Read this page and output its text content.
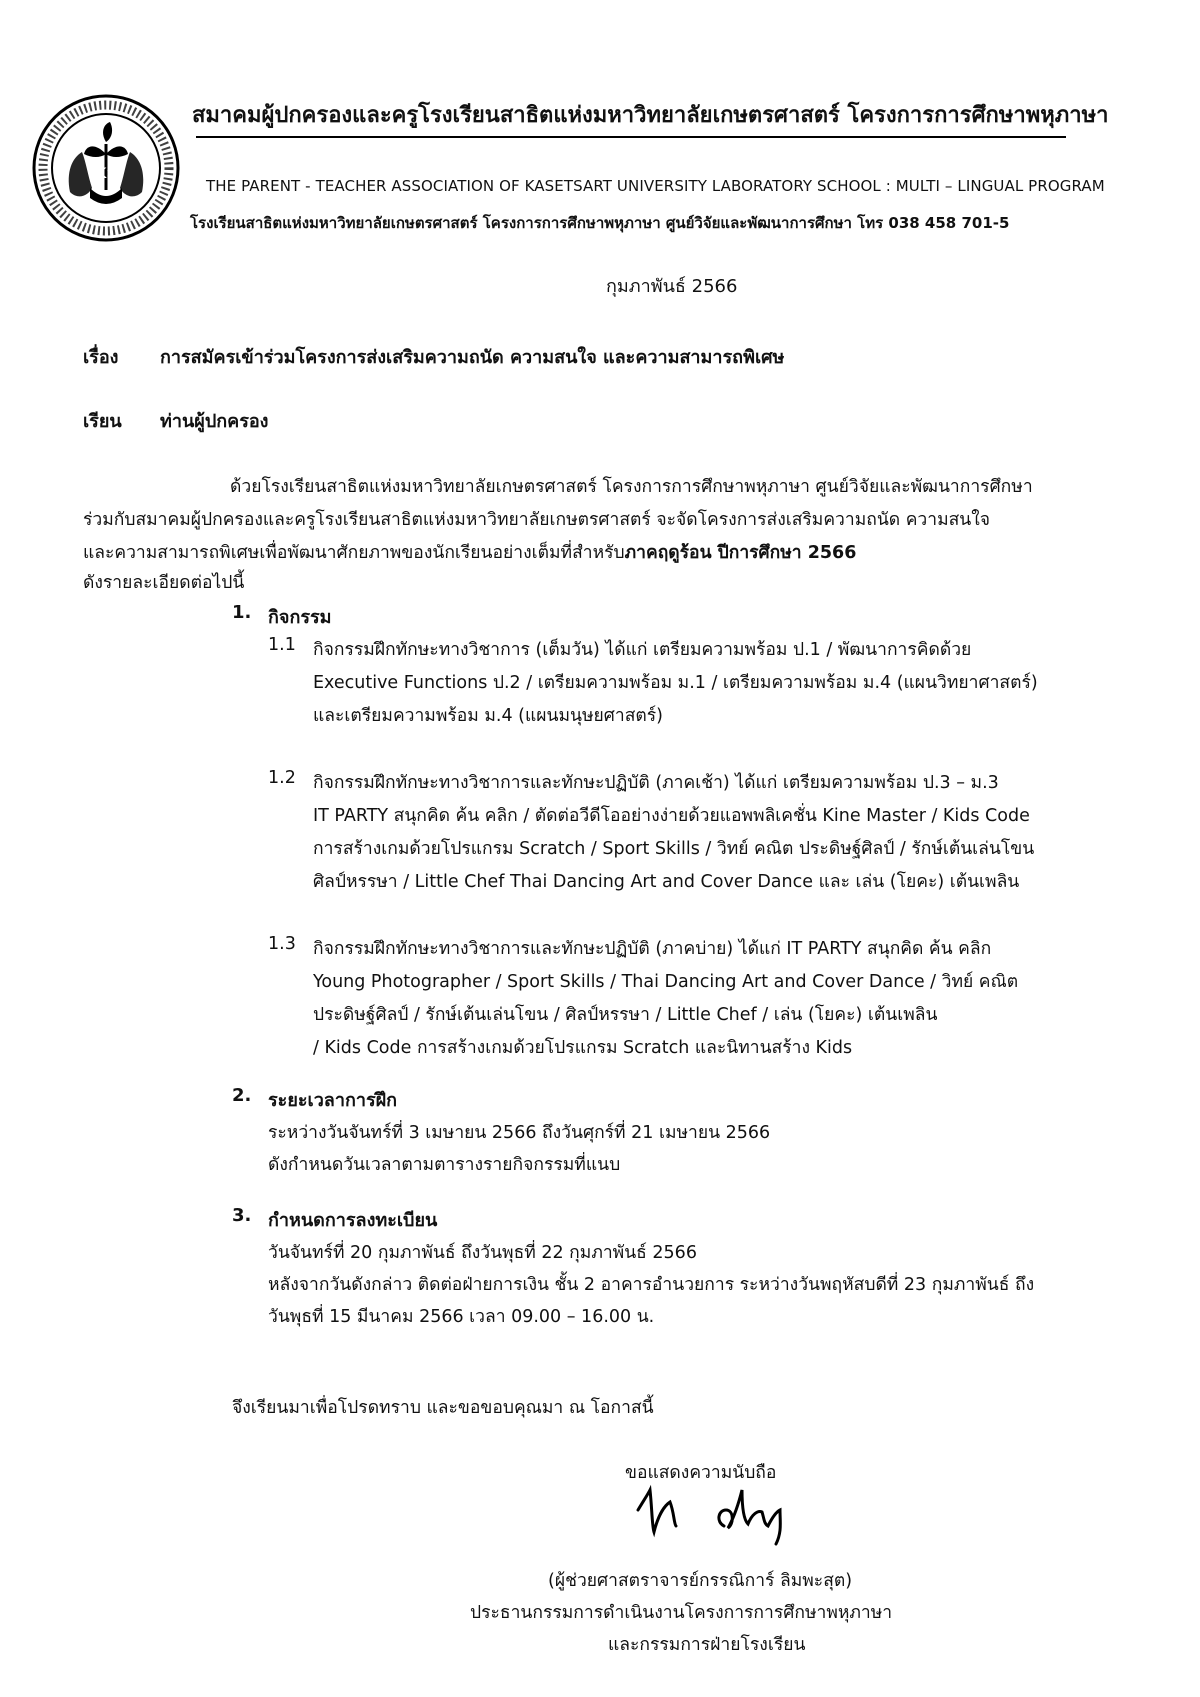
KS
สมาคมผู้ปกครองและครูโรงเรียนสาธิตแห่งมหาวิทยาลัยเกษตรศาสตร์ โครงการการศึกษาพหุภาษา
THE PARENT - TEACHER ASSOCIATION OF KASETSART UNIVERSITY LABORATORY SCHOOL : MULTI – LINGUAL PROGRAM
โรงเรียนสาธิตแห่งมหาวิทยาลัยเกษตรศาสตร์ โครงการการศึกษาพหุภาษา ศูนย์วิจัยและพัฒนาการศึกษา โทร 038 458 701-5
กุมภาพันธ์ 2566
เรื่อง การสมัครเข้าร่วมโครงการส่งเสริมความถนัด ความสนใจ และความสามารถพิเศษ
เรียน ท่านผู้ปกครอง
ด้วยโรงเรียนสาธิตแห่งมหาวิทยาลัยเกษตรศาสตร์ โครงการการศึกษาพหุภาษา ศูนย์วิจัยและพัฒนาการศึกษา
ร่วมกับสมาคมผู้ปกครองและครูโรงเรียนสาธิตแห่งมหาวิทยาลัยเกษตรศาสตร์ จะจัดโครงการส่งเสริมความถนัด ความสนใจ
และความสามารถพิเศษเพื่อพัฒนาศักยภาพของนักเรียนอย่างเต็มที่สำหรับภาคฤดูร้อน ปีการศึกษา 2566
ดังรายละเอียดต่อไปนี้
1. กิจกรรม
1.1 กิจกรรมฝึกทักษะทางวิชาการ (เต็มวัน) ได้แก่ เตรียมความพร้อม ป.1 / พัฒนาการคิดด้วย
Executive Functions ป.2 / เตรียมความพร้อม ม.1 / เตรียมความพร้อม ม.4 (แผนวิทยาศาสตร์)
และเตรียมความพร้อม ม.4 (แผนมนุษยศาสตร์)
1.2 กิจกรรมฝึกทักษะทางวิชาการและทักษะปฏิบัติ (ภาคเช้า) ได้แก่ เตรียมความพร้อม ป.3 – ม.3
IT PARTY สนุกคิด ค้น คลิก / ตัดต่อวีดีโออย่างง่ายด้วยแอพพลิเคชั่น Kine Master / Kids Code
การสร้างเกมด้วยโปรแกรม Scratch / Sport Skills / วิทย์ คณิต ประดิษฐ์ศิลป์ / รักษ์เต้นเล่นโขน
ศิลป์หรรษา / Little Chef Thai Dancing Art and Cover Dance และ เล่น (โยคะ) เต้นเพลิน
1.3 กิจกรรมฝึกทักษะทางวิชาการและทักษะปฏิบัติ (ภาคบ่าย) ได้แก่ IT PARTY สนุกคิด ค้น คลิก
Young Photographer / Sport Skills / Thai Dancing Art and Cover Dance / วิทย์ คณิต
ประดิษฐ์ศิลป์ / รักษ์เต้นเล่นโขน / ศิลป์หรรษา / Little Chef / เล่น (โยคะ) เต้นเพลิน
/ Kids Code การสร้างเกมด้วยโปรแกรม Scratch และนิทานสร้าง Kids
2. ระยะเวลาการฝึก
ระหว่างวันจันทร์ที่ 3 เมษายน 2566 ถึงวันศุกร์ที่ 21 เมษายน 2566
ดังกำหนดวันเวลาตามตารางรายกิจกรรมที่แนบ
3. กำหนดการลงทะเบียน
วันจันทร์ที่ 20 กุมภาพันธ์ ถึงวันพุธที่ 22 กุมภาพันธ์ 2566
หลังจากวันดังกล่าว ติดต่อฝ่ายการเงิน ชั้น 2 อาคารอำนวยการ ระหว่างวันพฤหัสบดีที่ 23 กุมภาพันธ์ ถึง
วันพุธที่ 15 มีนาคม 2566 เวลา 09.00 – 16.00 น.
จึงเรียนมาเพื่อโปรดทราบ และขอขอบคุณมา ณ โอกาสนี้
ขอแสดงความนับถือ
(ผู้ช่วยศาสตราจารย์กรรณิการ์ ลิมพะสุต)
ประธานกรรมการดำเนินงานโครงการการศึกษาพหุภาษา
และกรรมการฝ่ายโรงเรียน
